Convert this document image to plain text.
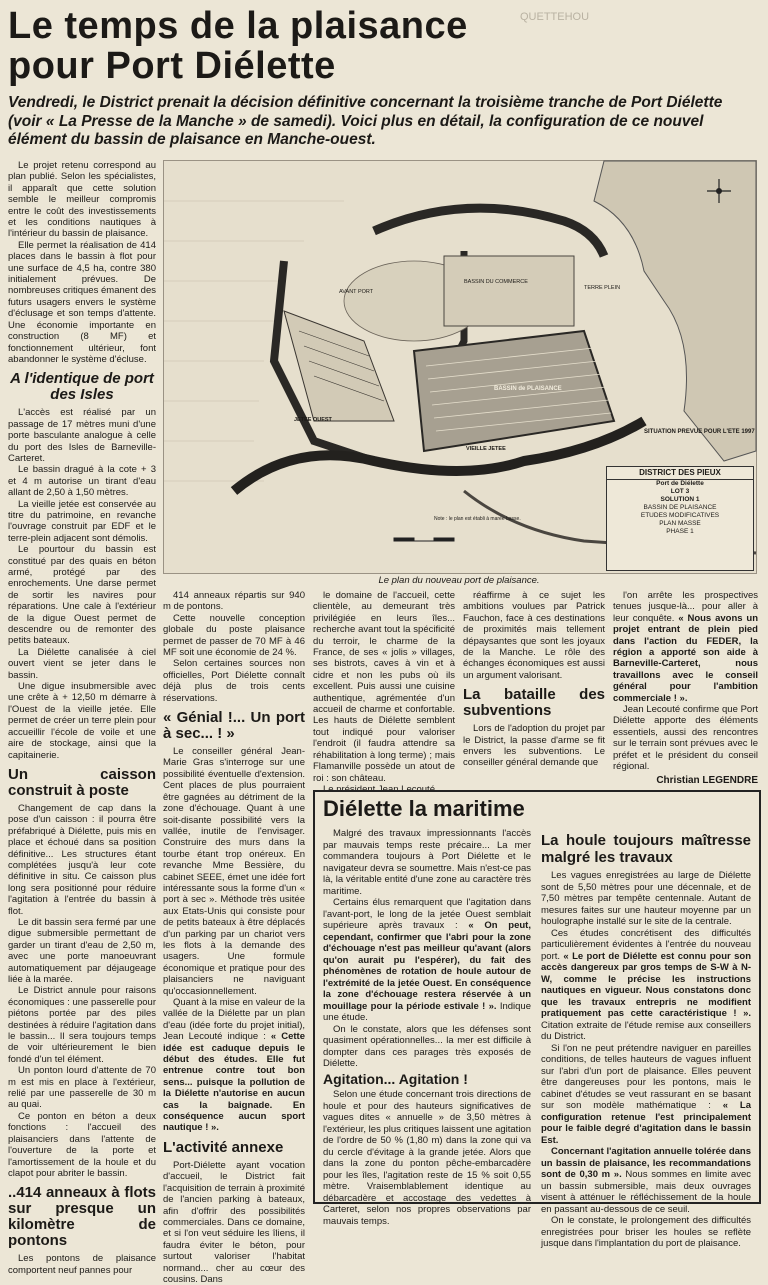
Le temps de la plaisance pour Port Diélette
QUETTEHOU

Vendredi, le District prenait la décision définitive concernant la troisième tranche de Port Diélette (voir « La Presse de la Manche » de samedi). Voici plus en détail, la configuration de ce nouvel élément du bassin de plaisance en Manche-ouest.

Le projet retenu correspond au plan publié. Selon les spécialistes, il apparaît que cette solution semble le meilleur compromis entre le coût des investissements et les conditions nautiques à l'intérieur du bassin de plaisance.

Elle permet la réalisation de 414 places dans le bassin à flot pour une surface de 4,5 ha, contre 380 initialement prévues. De nombreuses critiques émanent des futurs usagers envers le système d'éclusage et son temps d'attente. Une économie importante en construction (8 MF) et fonctionnement ultérieur, font abandonner le système d'écluse.

A l'identique de port des Isles

L'accès est réalisé par un passage de 17 mètres muni d'une porte basculante analogue à celle du port des Isles de Barneville-Carteret.

Le bassin dragué à la cote + 3 et 4 m autorise un tirant d'eau allant de 2,50 à 1,50 mètres.

La vieille jetée est conservée au titre du patrimoine, en revanche l'ouvrage construit par EDF et le terre-plein adjacent sont démolis.

Le pourtour du bassin est constitué par des quais en béton armé, protégé par des enrochements. Une darse permet de sortir les navires pour réparations. Une cale à l'extérieur de la digue Ouest permet de descendre ou de remonter des petits bateaux.

La Diélette canalisée à ciel ouvert vient se jeter dans le bassin.

Une digue insubmersible avec une crête à + 12,50 m démarre à l'Ouest de la vieille jetée. Elle permet de créer un terre plein pour accueillir l'école de voile et une aire de stockage, ainsi que la capitainerie.

Un caisson construit à poste

Changement de cap dans la pose d'un caisson : il pourra être préfabriqué à Diélette, puis mis en place et échoué dans sa position définitive... Les structures étant complétées jusqu'à leur cote définitive in situ. Ce caisson plus long sera positionné pour réduire l'agitation à l'entrée du bassin à flot.

Le dit bassin sera fermé par une digue submersible permettant de garder un tirant d'eau de 2,50 m, avec une porte manoeuvrant automatiquement par déjaugeage liée à la marée.

Le District annule pour raisons économiques : une passerelle pour piétons portée par des piles destinées à réduire l'agitation dans le bassin... Il sera toujours temps de voir ultérieurement le bien fondé d'un tel élément.

Un ponton lourd d'attente de 70 m est mis en place à l'extérieur, relié par une passerelle de 30 m au quai.

Ce ponton en béton a deux fonctions : l'accueil des plaisanciers dans l'attente de l'ouverture de la porte et l'amortissement de la houle et du clapot pour abriter le bassin.

..414 anneaux à flots sur presque un kilomètre de pontons

Les pontons de plaisance comportent neuf pannes pour

AVANT PORT
BASSIN DU COMMERCE
TERRE PLEIN
BASSIN de PLAISANCE
VIEILLE JETEE
JETEE OUEST
SITUATION PREVUE POUR L'ETE 1997
Note : le plan est établi à marée basse.
DISTRICT DES PIEUX
Port de Diélette
LOT 3
SOLUTION 1
BASSIN DE PLAISANCE
ETUDES MODIFICATIVES
PLAN MASSE
PHASE 1
Le plan du nouveau port de plaisance.

414 anneaux répartis sur 940 m de pontons.

Cette nouvelle conception globale du poste plaisance permet de passer de 70 MF à 46 MF soit une économie de 24 %.

Selon certaines sources non officielles, Port Diélette connaît déjà plus de trois cents réservations.

« Génial !... Un port à sec... ! »

Le conseiller général Jean-Marie Gras s'interroge sur une possibilité éventuelle d'extension. Cent places de plus pourraient être gagnées au détriment de la zone d'échouage. Quant à une soit-disante possibilité vers la vallée, inutile de l'envisager. Construire des murs dans la tourbe étant trop onéreux. En revanche Mme Bessière, du cabinet SEEE, émet une idée fort intéressante sous la forme d'un « port à sec ». Méthode très usitée aux Etats-Unis qui consiste pour de petits bateaux à être déplacés d'un parking par un chariot vers les flots à la demande des usagers. Une formule économique et pratique pour des plaisanciers ne naviguant qu'occasionnellement.

Quant à la mise en valeur de la vallée de la Diélette par un plan d'eau (idée forte du projet initial), Jean Lecouté indique : « Cette idée est caduque depuis le début des études. Elle fut entrenue contre tout bon sens... puisque la pollution de la Diélette n'autorise en aucun cas la baignade. En conséquence aucun sport nautique ! ».

L'activité annexe

Port-Diélette ayant vocation d'accueil, le District fait l'acquisition de terrain à proximité de l'ancien parking à bateaux, afin d'offrir des possibilités commerciales. Dans ce domaine, et si l'on veut séduire les îliens, il faudra éviter le béton, pour surtout valoriser l'habitat normand... cher au cœur des cousins. Dans

le domaine de l'accueil, cette clientèle, au demeurant très privilégiée en leurs îles... recherche avant tout la spécificité du terroir, le charme de la France, de ses « jolis » villages, ses bistrots, caves à vin et à cidre et non les pubs où ils excellent. Puis aussi une cuisine authentique, agrémentée d'un accueil de charme et confortable. Les hauts de Diélette semblent tout indiqué pour valoriser l'endroit (il faudra attendre sa réhabilitation à long terme) ; mais Flamanville possède un atout de roi : son château.

réaffirme à ce sujet les ambitions voulues par Patrick Fauchon, face à ces destinations de proximités mais tellement dépaysantes que sont les joyaux de la Manche. Le rôle des échanges économiques est aussi un argument valorisant.

La bataille des subventions

Lors de l'adoption du projet par le District, la passe d'arme se fit envers les subventions. Le conseiller général demande que

l'on arrête les prospectives tenues jusque-là... pour aller à leur conquête. « Nous avons un projet entrant de plein pied dans l'action du FEDER, la région a apporté son aide à Barneville-Carteret, nous travaillons avec le conseil général pour l'ambition commerciale ! ».

Jean Lecouté confirme que Port Diélette apporte des éléments essentiels, aussi des rencontres sur le terrain sont prévues avec le préfet et le président du conseil régional.

Christian LEGENDRE
Diélette la maritime

Malgré des travaux impressionnants l'accès par mauvais temps reste précaire... La mer commandera toujours à Port Diélette et le navigateur devra se soumettre. Mais n'est-ce pas là, la véritable entité d'une zone au caractère très maritime.

Certains élus remarquent que l'agitation dans l'avant-port, le long de la jetée Ouest semblait supérieure après travaux : « On peut, cependant, confirmer que l'abri pour la zone d'échouage n'est pas meilleur qu'avant (alors qu'on aurait pu l'espérer), du fait des phénomènes de rotation de houle autour de l'extrémité de la jetée Ouest. En conséquence la zone d'échouage restera réservée à un mouillage pour la période estivale ! ». Indique une étude.

On le constate, alors que les défenses sont quasiment opérationnelles... la mer est difficile à dompter dans ces parages très exposés de Diélette.

Agitation... Agitation !

Selon une étude concernant trois directions de houle et pour des hauteurs significatives de vagues dites « annuelle » de 3,50 mètres à l'extérieur, les plus critiques laissent une agitation de l'ordre de 50 % (1,80 m) dans la zone qui va du cercle d'évitage à la grande jetée. Alors que dans la zone du ponton pêche-embarcadère pour les îles, l'agitation reste de 15 % soit 0,55 mètre. Vraisemblablement identique au débarcadère et accostage des vedettes à Carteret, selon nos propres observations par mauvais temps.

La houle toujours maîtresse malgré les travaux

Les vagues enregistrées au large de Diélette sont de 5,50 mètres pour une décennale, et de 7,50 mètres par tempête centennale. Autant de mesures faites sur une hauteur moyenne par un houlographe installé sur le site de la centrale.

Ces études concrétisent des difficultés particulièrement évidentes à l'entrée du nouveau port. « Le port de Diélette est connu pour son accès dangereux par gros temps de S-W à N-W, comme le précise les instructions nautiques en vigueur. Nous constatons donc que les travaux entrepris ne modifient pratiquement pas cette caractéristique ! ». Citation extraite de l'étude remise aux conseillers du District.

Si l'on ne peut prétendre naviguer en pareilles conditions, de telles hauteurs de vagues influent sur l'abri d'un port de plaisance. Elles peuvent être dangereuses pour les pontons, mais le cabinet d'études se veut rassurant en se basant sur son modèle mathématique : « La configuration retenue l'est principalement pour le faible degré d'agitation dans le bassin Est.

Concernant l'agitation annuelle tolérée dans un bassin de plaisance, les recommandations sont de 0,30 m ». Nous sommes en limite avec un bassin submersible, mais deux ouvrages visent à atténuer le réfléchissement de la houle en passant au-dessous de ce seuil.

On le constate, le prolongement des difficultés enregistrées pour briser les houles se reflète jusque dans l'implantation du port de plaisance.
